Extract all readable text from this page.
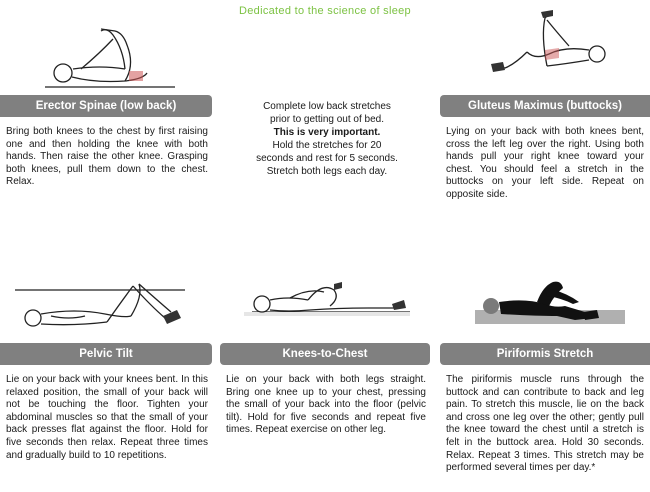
Dedicated to the science of sleep
Erector Spinae (low back)	Gluteus Maximus (buttocks)
Complete low back stretches
prior to getting out of bed.
This is very important.
Hold the stretches for 20
seconds and rest for 5 seconds.
Stretch both legs each day.
Bring both knees to the chest by first raising one and then holding the knee with both hands. Then raise the other knee. Grasping both knees, pull them down to the chest. Relax.
Lying on your back with both knees bent, cross the left leg over the right. Using both hands pull your right knee toward your chest. You should feel a stretch in the buttocks on your left side. Repeat on opposite side.
Pelvic Tilt	Knees-to-Chest	Piriformis Stretch
Lie on your back with your knees bent. In this relaxed position, the small of your back will not be touching the floor. Tighten your abdominal muscles so that the small of your back presses flat against the floor. Hold for five seconds then relax. Repeat three times and gradually build to 10 repetitions.
Lie on your back with both legs straight. Bring one knee up to your chest, pressing the small of your back into the floor (pelvic tilt). Hold for five seconds and repeat five times. Repeat exercise on other leg.
The piriformis muscle runs through the buttock and can contribute to back and leg pain. To stretch this muscle, lie on the back and cross one leg over the other; gently pull the knee toward the chest until a stretch is felt in the buttock area. Hold 30 seconds. Relax. Repeat 3 times. This stretch may be performed several times per day.*
